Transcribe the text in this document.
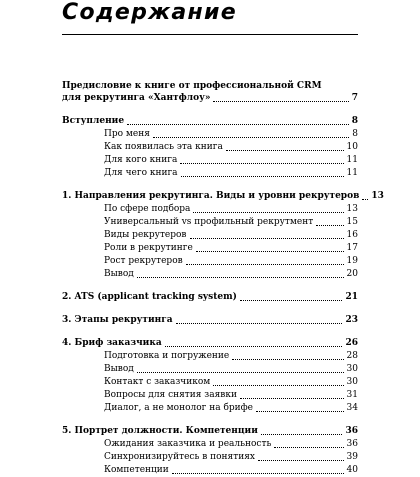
Содержание
Предисловие к книге от профессиональной CRM
для рекрутинга «Хантфлоу»	7
Вступление	8
Про меня	8
Как появилась эта книга	10
Для кого книга	11
Для чего книга	11
1. Направления рекрутинга. Виды и уровни рекрутеров 13
По сфере подбора	13
Универсальный vs профильный рекрутмент	15
Виды рекрутеров	16
Роли в рекрутинге	17
Рост рекрутеров	19
Вывод	20
2. ATS (applicant tracking system)	21
3. Этапы рекрутинга	23
4. Бриф заказчика	26
Подготовка и погружение	28
Вывод	30
Контакт с заказчиком	30
Вопросы для снятия заявки	31
Диалог, а не монолог на брифе	34
5. Портрет должности. Компетенции	36
Ожидания заказчика и реальность	36
Синхронизируйтесь в понятиях	39
Компетенции	40
